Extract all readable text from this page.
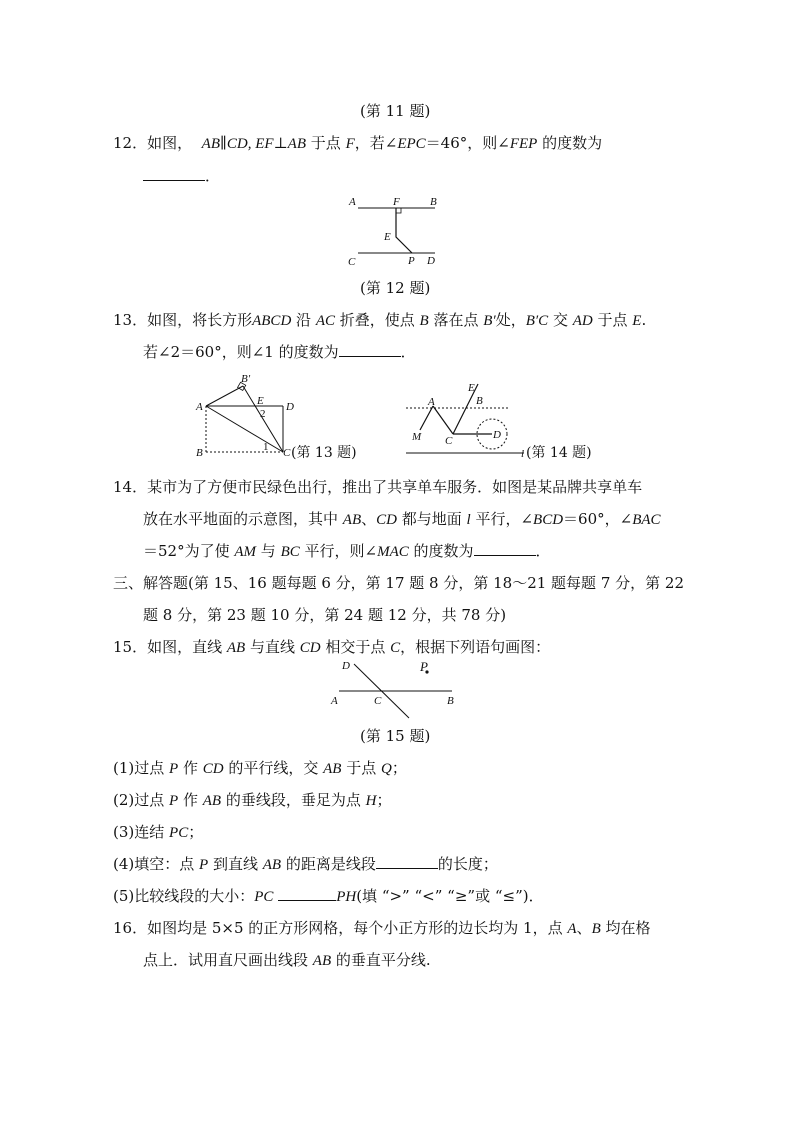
(第 11 题)
12．如图， AB∥CD, EF⊥AB 于点 F，若∠EPC＝46°，则∠FEP 的度数为
．
A	F	B
E
C	P D
(第 12 题)
13．如图，将长方形ABCD 沿 AC 折叠，使点 B 落在点 B′处，B′C 交 AD 于点 E.
若∠2＝60°，则∠1 的度数为	．
B′
A	E
2
D
B	1 C (第 13 题)
E
A	B
M C	D
l (第 14 题)
14．某市为了方便市民绿色出行，推出了共享单车服务．如图是某品牌共享单车
放在水平地面的示意图，其中 AB、CD 都与地面 l 平行，∠BCD＝60°，∠BAC
＝52°为了使 AM 与 BC 平行，则∠MAC 的度数为	．
三、解答题(第 15、16 题每题 6 分，第 17 题 8 分，第 18～21 题每题 7 分，第 22
题 8 分，第 23 题 10 分，第 24 题 12 分，共 78 分)
15．如图，直线 AB 与直线 CD 相交于点 C，根据下列语句画图：
D	P
A	C	B
(第 15 题)
(1)过点 P 作 CD 的平行线，交 AB 于点 Q；
(2)过点 P 作 AB 的垂线段，垂足为点 H；
(3)连结 PC；
(4)填空：点 P 到直线 AB 的距离是线段	的长度；
(5)比较线段的大小：PC	PH(填 “>” “<” “≥”或 “≤”)．
16．如图均是 5×5 的正方形网格，每个小正方形的边长均为 1，点 A、B 均在格
点上．试用直尺画出线段 AB 的垂直平分线.
